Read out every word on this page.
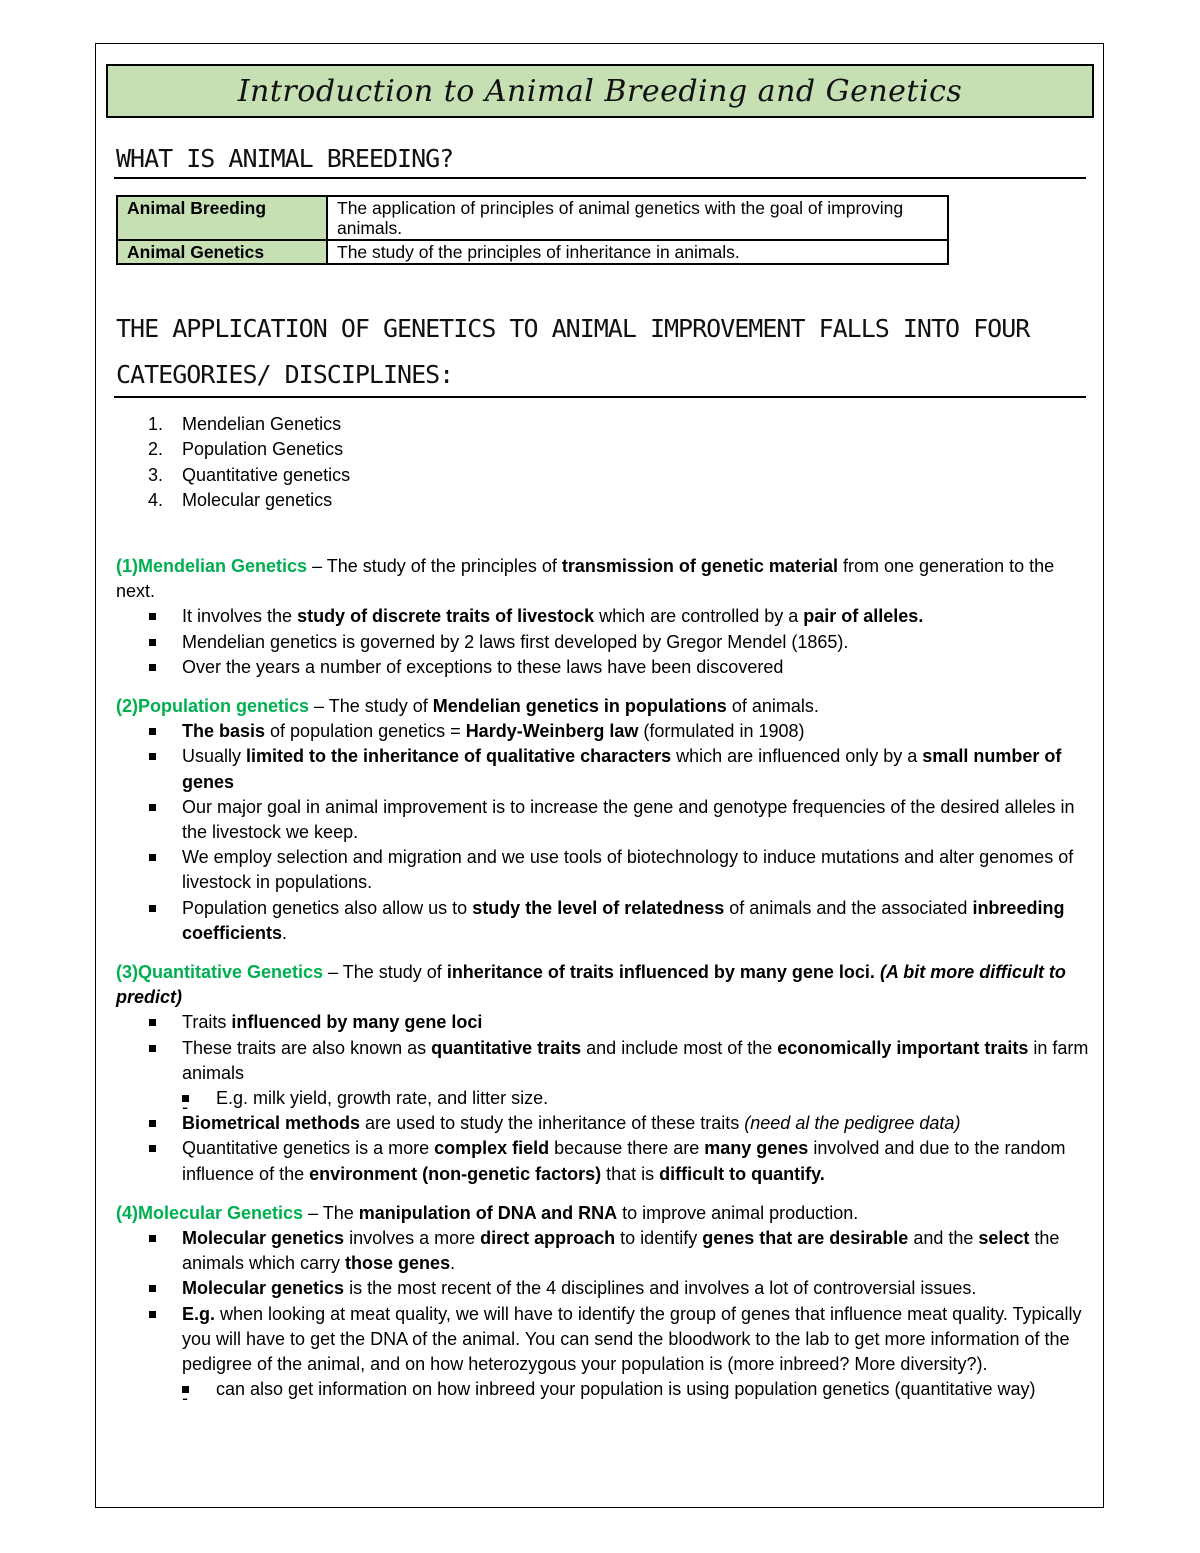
Introduction to Animal Breeding and Genetics
WHAT IS ANIMAL BREEDING?
Animal Breeding	The application of principles of animal genetics with the goal of improving animals.
Animal Genetics	The study of the principles of inheritance in animals.
THE APPLICATION OF GENETICS TO ANIMAL IMPROVEMENT FALLS INTO FOUR
CATEGORIES/ DISCIPLINES:
1. Mendelian Genetics
2. Population Genetics
3. Quantitative genetics
4. Molecular genetics

(1)Mendelian Genetics – The study of the principles of transmission of genetic material from one generation to the next.

It involves the study of discrete traits of livestock which are controlled by a pair of alleles.
Mendelian genetics is governed by 2 laws first developed by Gregor Mendel (1865).
Over the years a number of exceptions to these laws have been discovered

(2)Population genetics – The study of Mendelian genetics in populations of animals.

The basis of population genetics = Hardy-Weinberg law (formulated in 1908)
Usually limited to the inheritance of qualitative characters which are influenced only by a small number of genes
Our major goal in animal improvement is to increase the gene and genotype frequencies of the desired alleles in the livestock we keep.
We employ selection and migration and we use tools of biotechnology to induce mutations and alter genomes of livestock in populations.
Population genetics also allow us to study the level of relatedness of animals and the associated inbreeding coefficients.

(3)Quantitative Genetics – The study of inheritance of traits influenced by many gene loci. (A bit more difficult to predict)

Traits influenced by many gene loci
These traits are also known as quantitative traits and include most of the economically important traits in farm animals
- E.g. milk yield, growth rate, and litter size.
Biometrical methods are used to study the inheritance of these traits (need al the pedigree data)
Quantitative genetics is a more complex field because there are many genes involved and due to the random influence of the environment (non-genetic factors) that is difficult to quantify.

(4)Molecular Genetics – The manipulation of DNA and RNA to improve animal production.

Molecular genetics involves a more direct approach to identify genes that are desirable and the select the animals which carry those genes.
Molecular genetics is the most recent of the 4 disciplines and involves a lot of controversial issues.
E.g. when looking at meat quality, we will have to identify the group of genes that influence meat quality. Typically you will have to get the DNA of the animal. You can send the bloodwork to the lab to get more information of the pedigree of the animal, and on how heterozygous your population is (more inbreed? More diversity?).
- can also get information on how inbreed your population is using population genetics (quantitative way)
